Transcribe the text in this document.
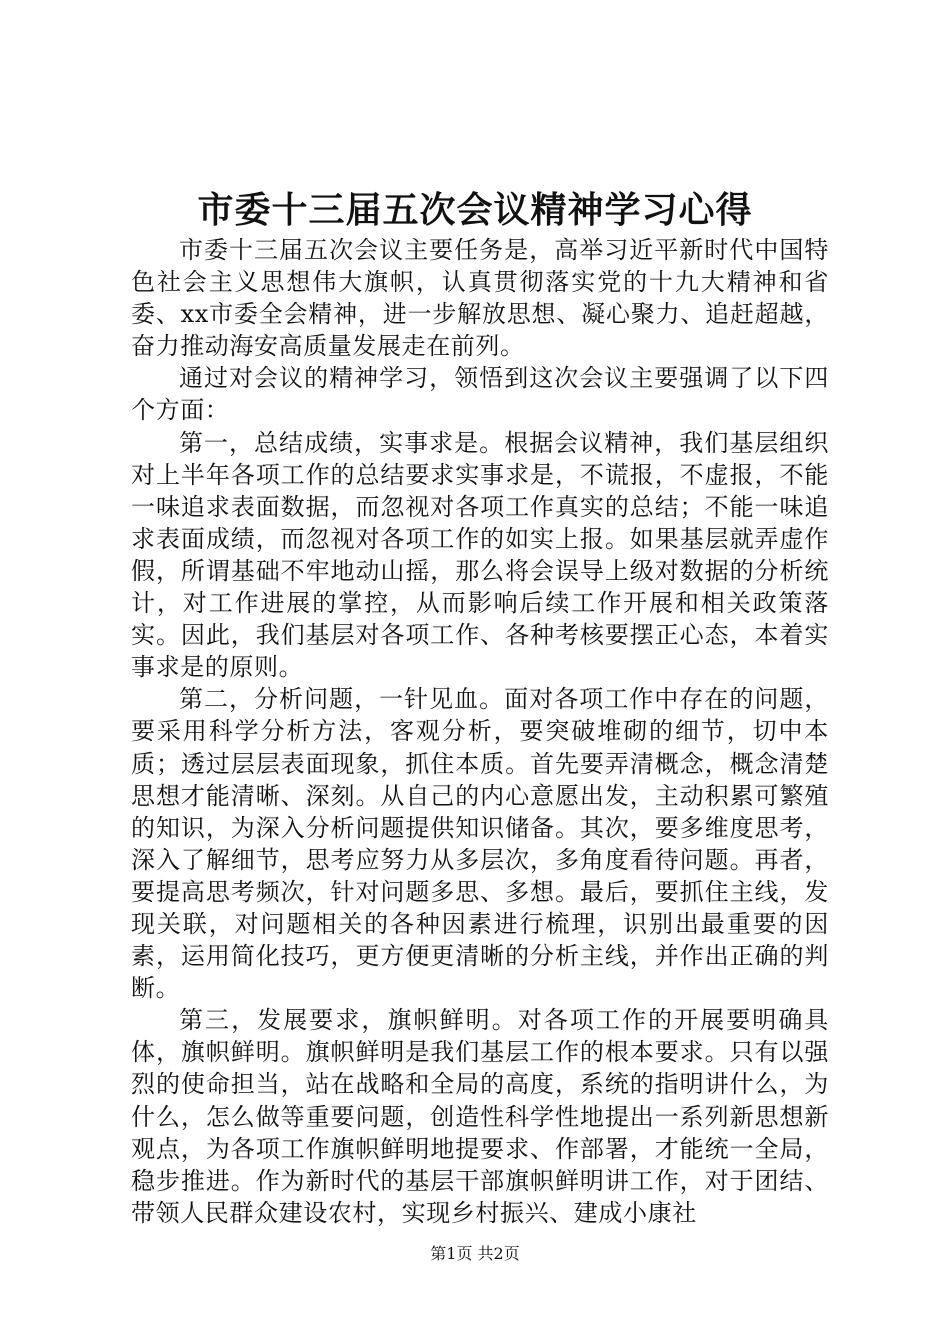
市委十三届五次会议精神学习心得

市委十三届五次会议主要任务是，高举习近平新时代中国特色社会主义思想伟大旗帜，认真贯彻落实党的十九大精神和省委、xx市委全会精神，进一步解放思想、凝心聚力、追赶超越，奋力推动海安高质量发展走在前列。

通过对会议的精神学习，领悟到这次会议主要强调了以下四个方面：

第一，总结成绩，实事求是。根据会议精神，我们基层组织对上半年各项工作的总结要求实事求是，不谎报，不虚报，不能一味追求表面数据，而忽视对各项工作真实的总结；不能一味追求表面成绩，而忽视对各项工作的如实上报。如果基层就弄虚作假，所谓基础不牢地动山摇，那么将会误导上级对数据的分析统计，对工作进展的掌控，从而影响后续工作开展和相关政策落实。因此，我们基层对各项工作、各种考核要摆正心态，本着实事求是的原则。

第二，分析问题，一针见血。面对各项工作中存在的问题，要采用科学分析方法，客观分析，要突破堆砌的细节，切中本质；透过层层表面现象，抓住本质。首先要弄清概念，概念清楚思想才能清晰、深刻。从自己的内心意愿出发，主动积累可繁殖的知识，为深入分析问题提供知识储备。其次，要多维度思考，深入了解细节，思考应努力从多层次，多角度看待问题。再者，要提高思考频次，针对问题多思、多想。最后，要抓住主线，发现关联，对问题相关的各种因素进行梳理，识别出最重要的因素，运用简化技巧，更方便更清晰的分析主线，并作出正确的判断。

第三，发展要求，旗帜鲜明。对各项工作的开展要明确具体，旗帜鲜明。旗帜鲜明是我们基层工作的根本要求。只有以强烈的使命担当，站在战略和全局的高度，系统的指明讲什么，为什么，怎么做等重要问题，创造性科学性地提出一系列新思想新观点，为各项工作旗帜鲜明地提要求、作部署，才能统一全局，稳步推进。作为新时代的基层干部旗帜鲜明讲工作，对于团结、带领人民群众建设农村，实现乡村振兴、建成小康社

第1页 共2页
